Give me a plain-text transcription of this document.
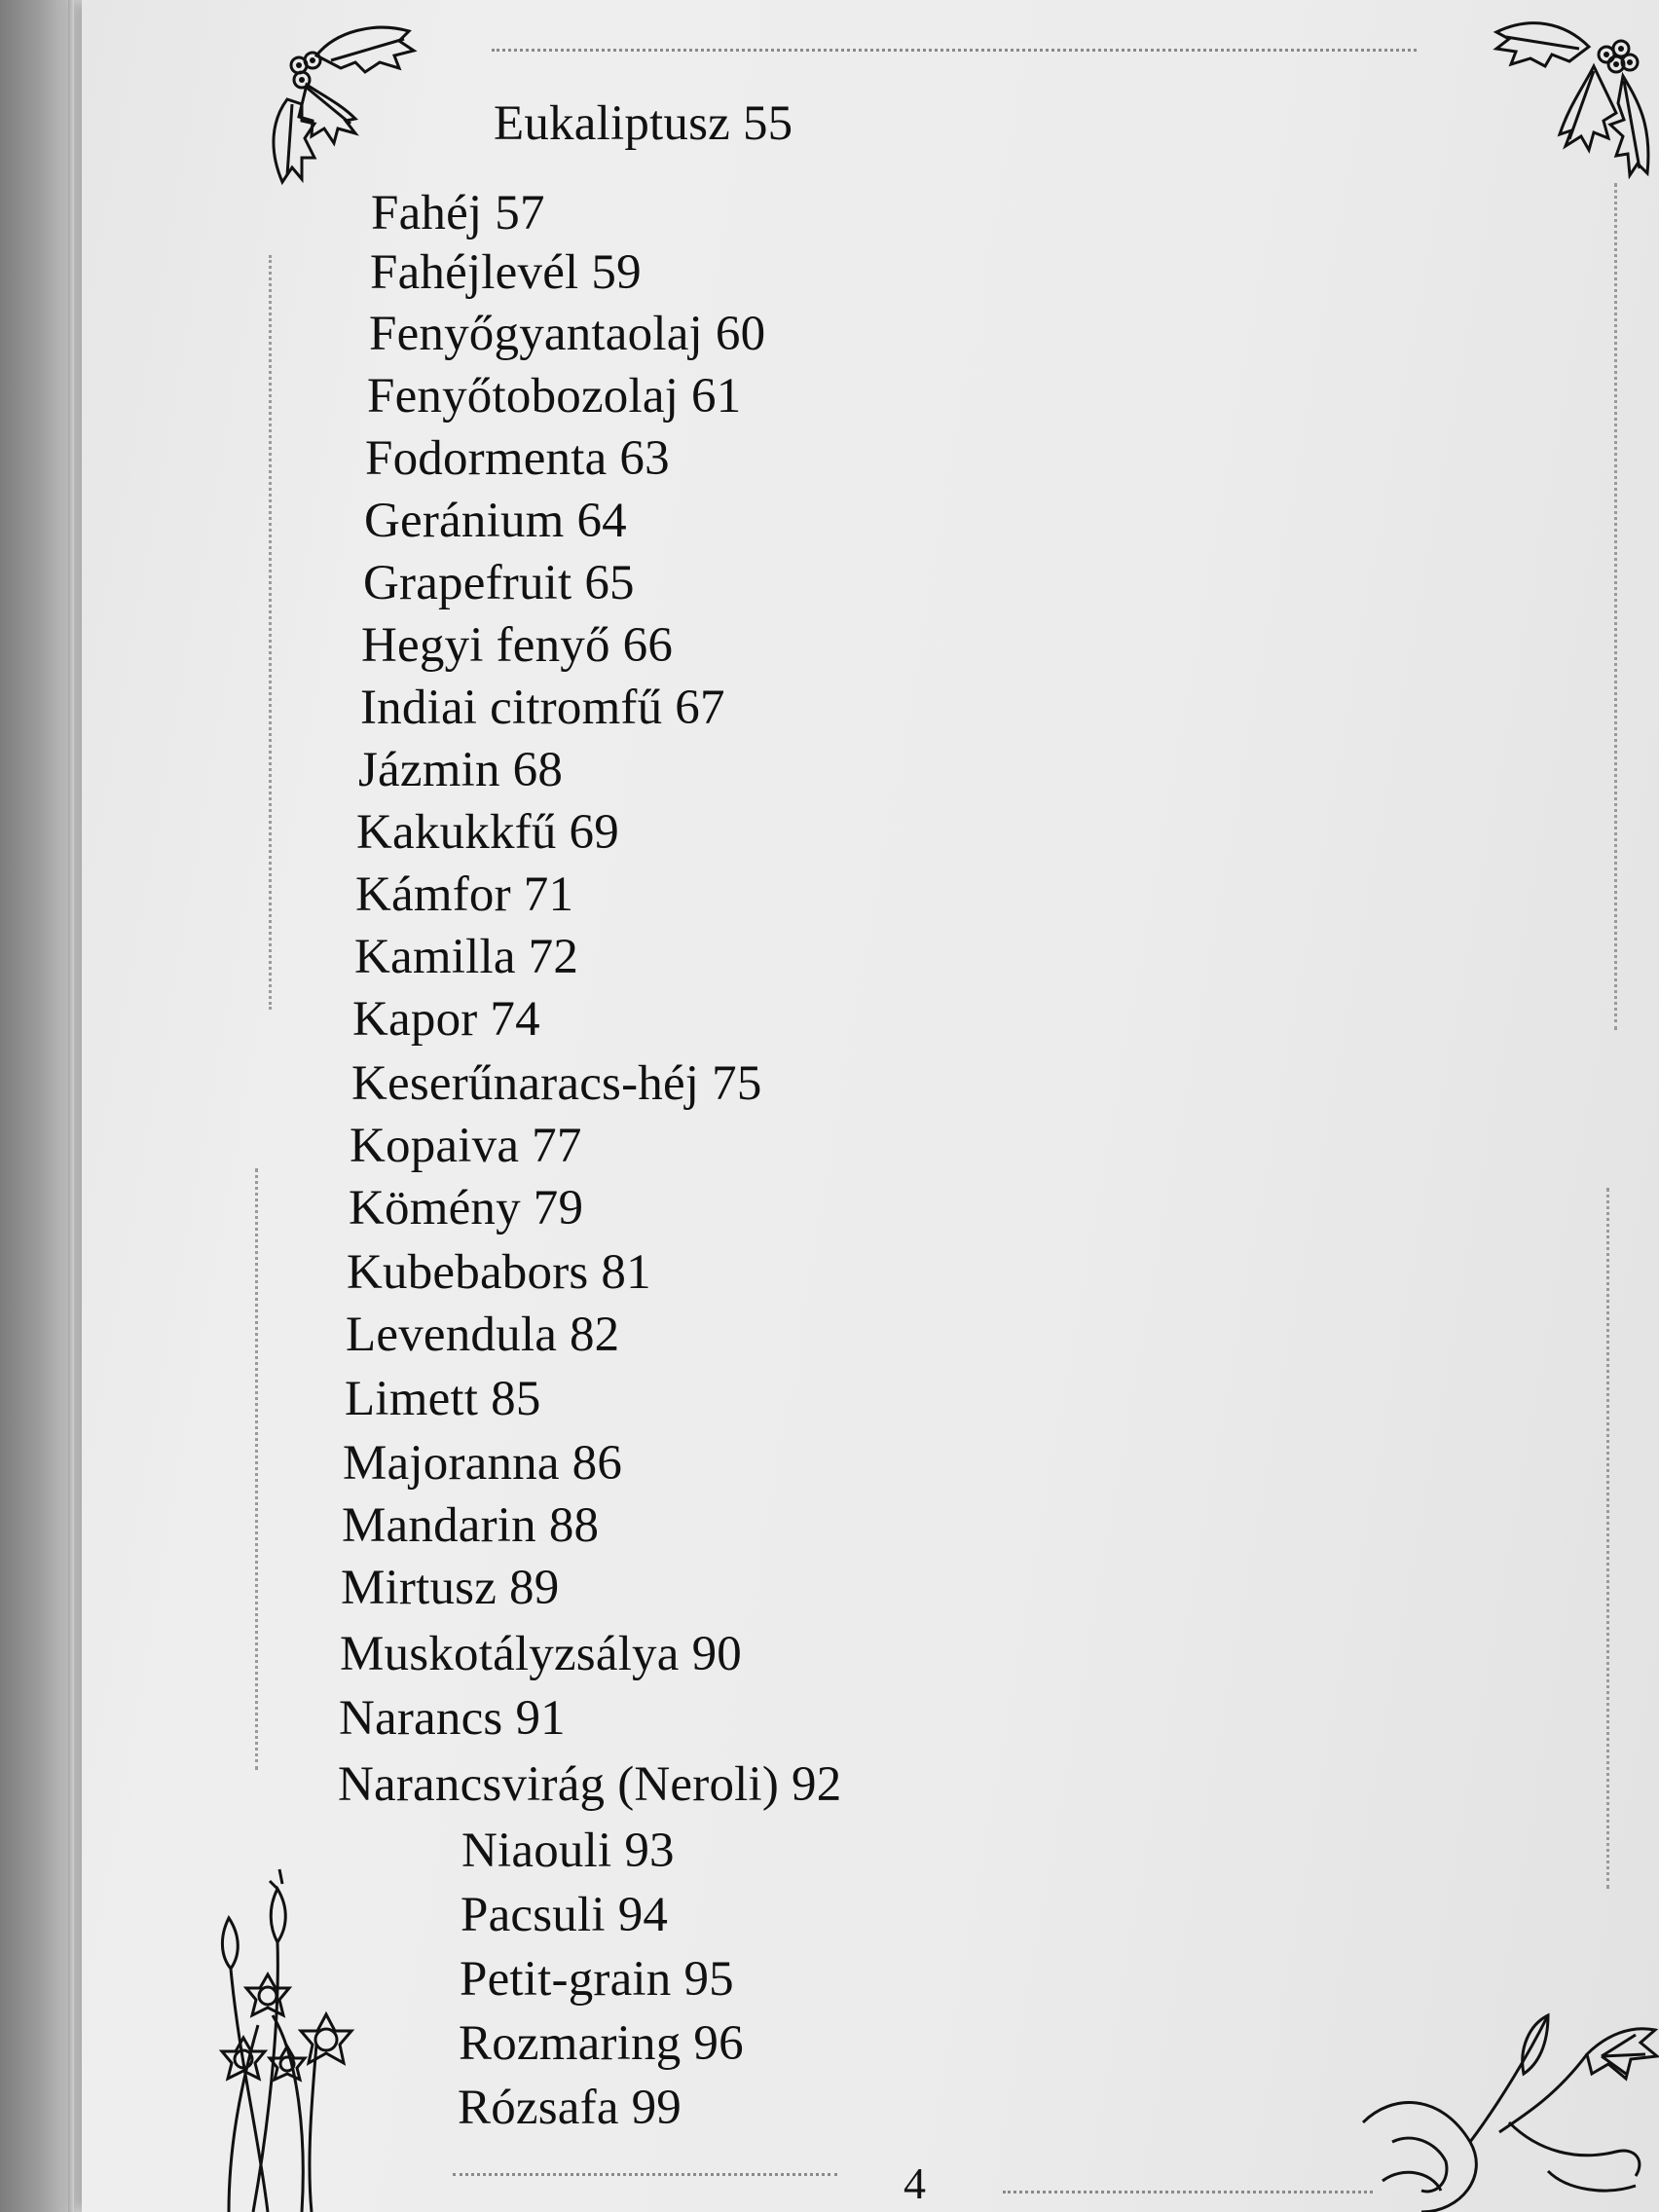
Eukaliptusz 55
Fahéj 57
Fahéjlevél 59
Fenyőgyantaolaj 60
Fenyőtobozolaj 61
Fodormenta 63
Geránium 64
Grapefruit 65
Hegyi fenyő 66
Indiai citromfű 67
Jázmin 68
Kakukkfű 69
Kámfor 71
Kamilla 72
Kapor 74
Keserűnaracs-héj 75
Kopaiva 77
Kömény 79
Kubebabors 81
Levendula 82
Limett 85
Majoranna 86
Mandarin 88
Mirtusz 89
Muskotályzsálya 90
Narancs 91
Narancsvirág (Neroli) 92
Niaouli 93
Pacsuli 94
Petit-grain 95
Rozmaring 96
Rózsafa 99
4
